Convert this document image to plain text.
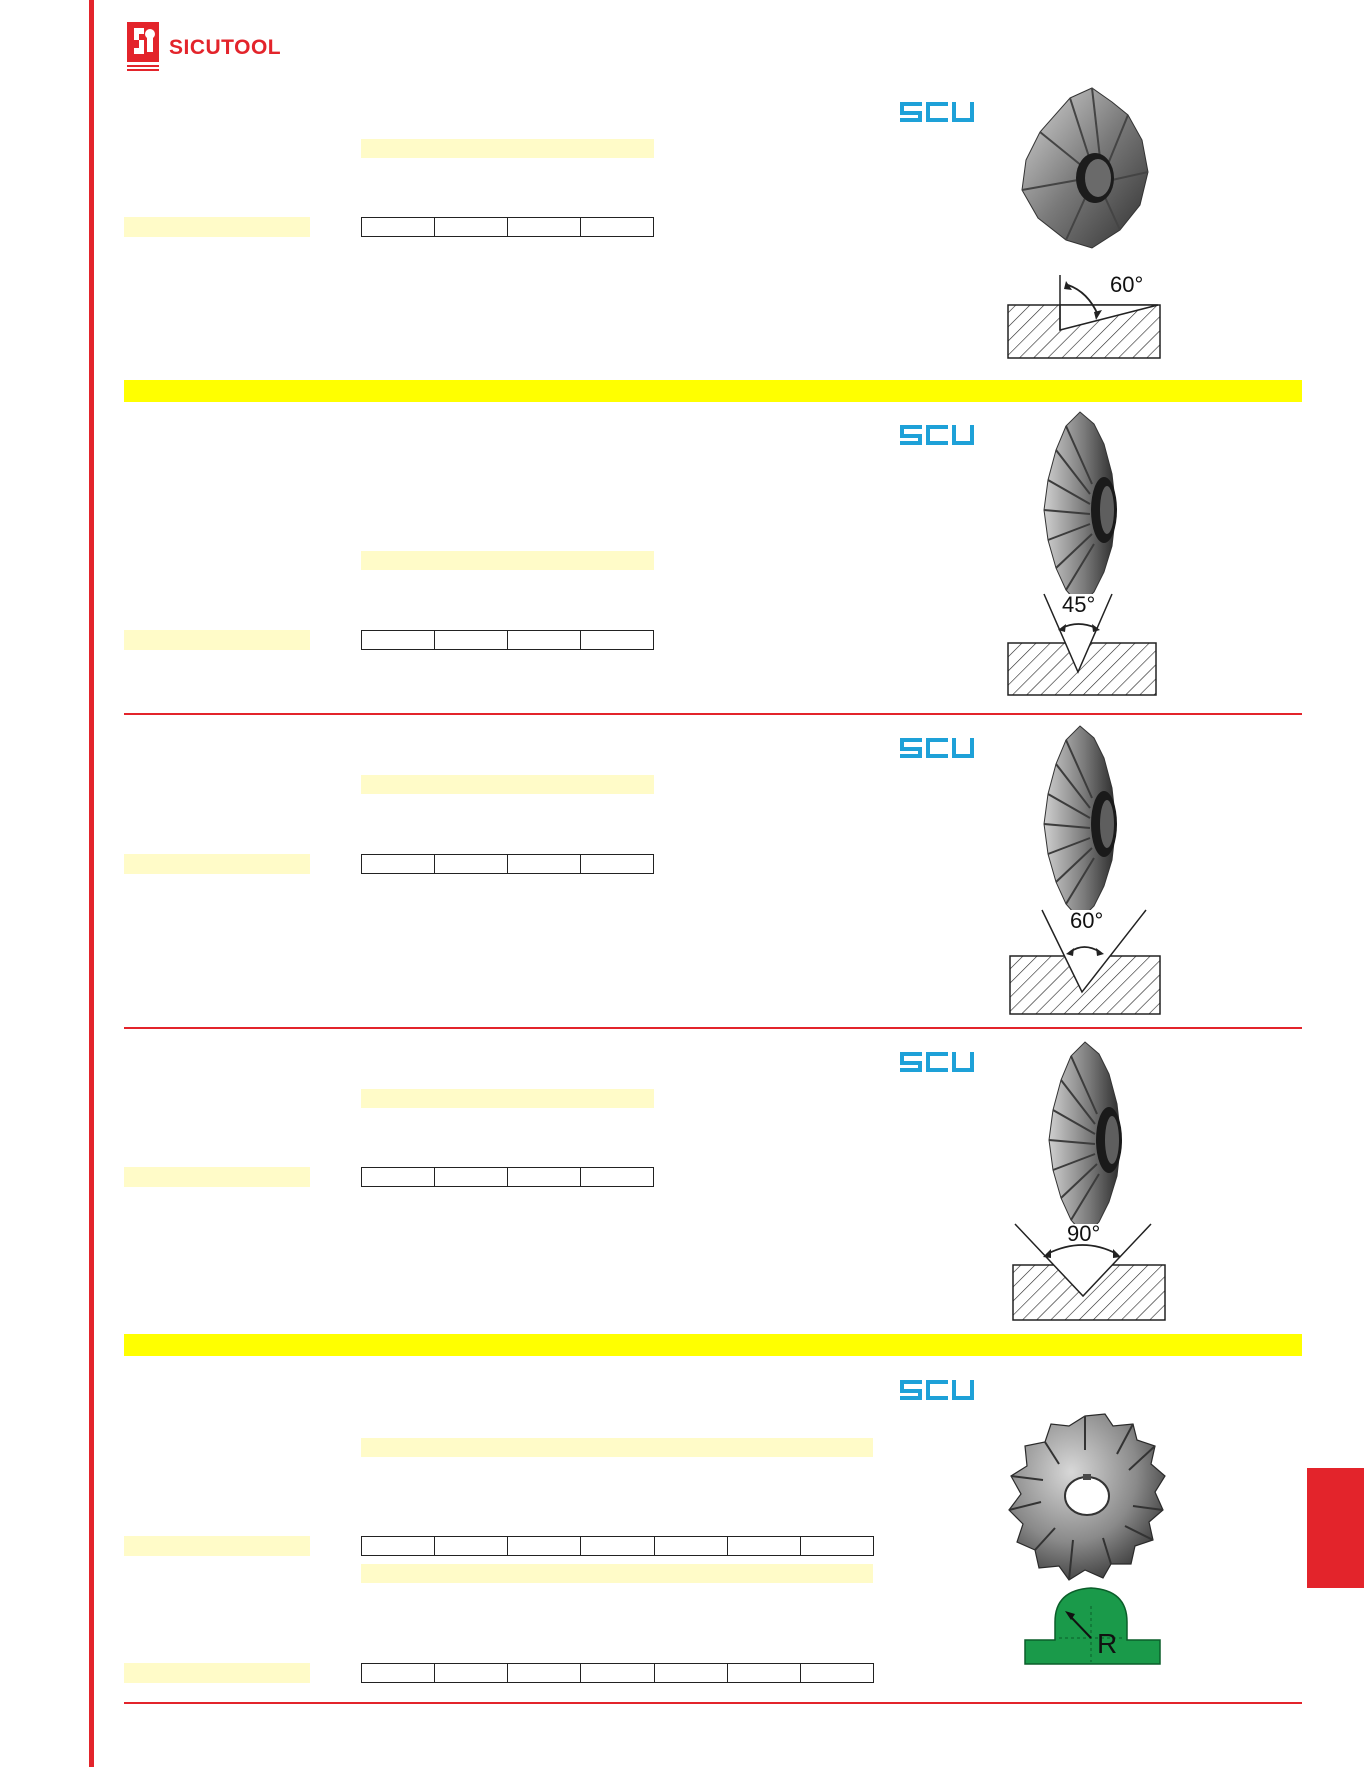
SICUTOOL
60°
45°
60°
90°
R
